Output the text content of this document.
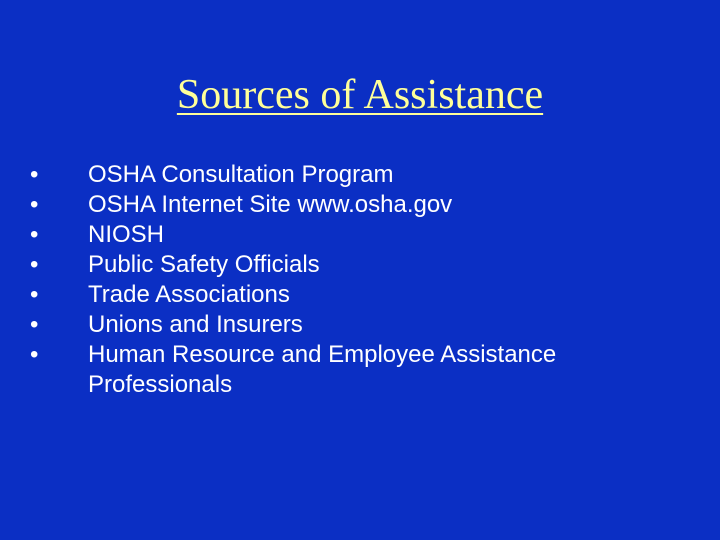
Sources of Assistance
•	OSHA Consultation Program
•	OSHA Internet Site www.osha.gov
•	NIOSH
•	Public Safety Officials
•	Trade Associations
•	Unions and Insurers
•	Human Resource and Employee Assistance Professionals
